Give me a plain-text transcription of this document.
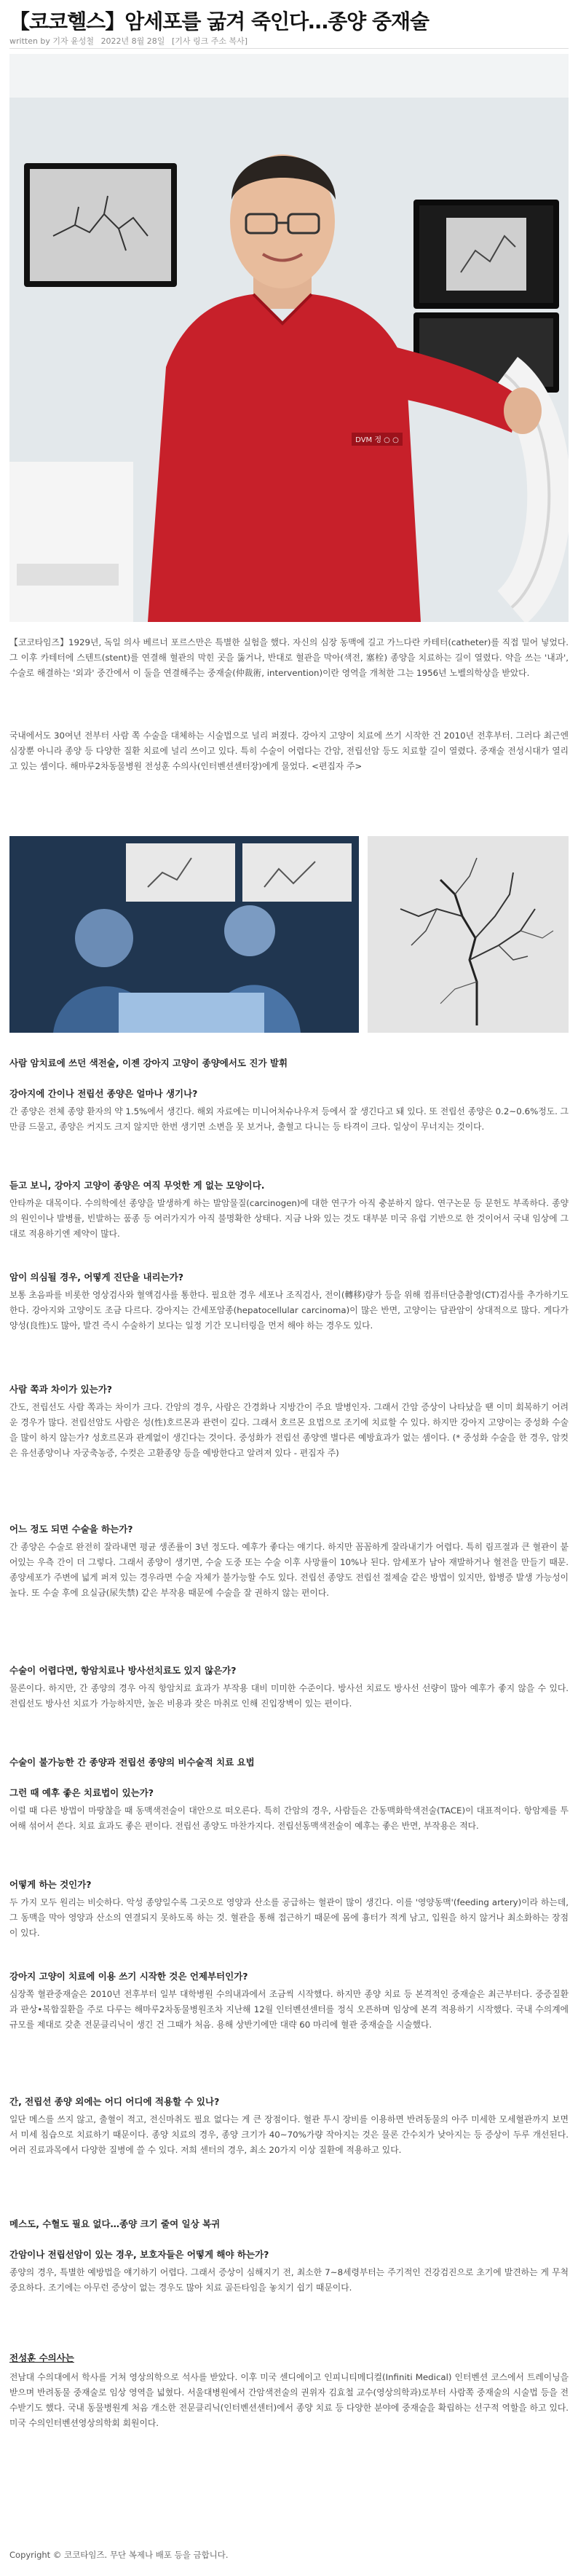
【코코헬스】암세포를 굶겨 죽인다…종양 중재술
written by 기자 윤성철 2022년 8월 28일 [기사 링크 주소 복사]
DVM 정 ○ ○
【코코타임즈】1929년, 독일 의사 베르너 포르스만은 특별한 실험을 했다. 자신의 심장 동맥에 길고 가느다란 카테터(catheter)를 직접 밀어 넣었다. 그 이후 카테터에 스텐트(stent)를 연결해 혈관의 막힌 곳을 뚫거나, 반대로 혈관을 막아(색전, 塞栓) 종양을 치료하는 길이 열렸다. 약을 쓰는 '내과', 수술로 해결하는 '외과' 중간에서 이 둘을 연결해주는 중재술(仲裁術, intervention)이란 영역을 개척한 그는 1956년 노벨의학상을 받았다.
국내에서도 30여년 전부터 사람 쪽 수술을 대체하는 시술법으로 널리 퍼졌다. 강아지 고양이 치료에 쓰기 시작한 건 2010년 전후부터. 그러다 최근엔 심장뿐 아니라 종양 등 다양한 질환 치료에 널리 쓰이고 있다. 특히 수술이 어렵다는 간암, 전립선암 등도 치료할 길이 열렸다. 중재술 전성시대가 열리고 있는 셈이다. 해마루2차동물병원 전성훈 수의사(인터벤션센터장)에게 물었다. <편집자 주>
사람 암치료에 쓰던 색전술, 이젠 강아지 고양이 종양에서도 진가 발휘
강아지에 간이나 전립선 종양은 얼마나 생기나?
간 종양은 전체 종양 환자의 약 1.5%에서 생긴다. 해외 자료에는 미니어처슈나우저 등에서 잘 생긴다고 돼 있다. 또 전립선 종양은 0.2~0.6%정도. 그만큼 드물고, 종양은 커지도 크지 않지만 한번 생기면 소변을 못 보거나, 출혈고 다니는 등 타격이 크다. 일상이 무너지는 것이다.
듣고 보니, 강아지 고양이 종양은 여직 무엇한 게 없는 모양이다.
안타까운 대목이다. 수의학에선 종양을 발생하게 하는 발암물질(carcinogen)에 대한 연구가 아직 충분하지 않다. 연구논문 등 문헌도 부족하다. 종양의 원인이나 발병률, 빈발하는 품종 등 여러가지가 아직 불명확한 상태다. 지금 나와 있는 것도 대부분 미국 유럽 기반으로 한 것이어서 국내 임상에 그대로 적용하기엔 제약이 많다.
암이 의심될 경우, 어떻게 진단을 내리는가?
보통 초음파를 비롯한 영상검사와 혈액검사를 통한다. 필요한 경우 세포나 조직검사, 전이(轉移)량가 등을 위해 컴퓨터단층촬영(CT)검사를 추가하기도 한다. 강아지와 고양이도 조금 다르다. 강아지는 간세포암종(hepatocellular carcinoma)이 많은 반면, 고양이는 담관암이 상대적으로 많다. 게다가 양성(良性)도 많아, 발견 즉시 수술하기 보다는 일정 기간 모니터링을 먼저 해야 하는 경우도 있다.
사람 쪽과 차이가 있는가?
간도, 전립선도 사람 쪽과는 차이가 크다. 간암의 경우, 사람은 간경화나 지방간이 주요 발병인자. 그래서 간암 증상이 나타났을 땐 이미 회복하기 어려운 경우가 많다. 전립선암도 사람은 성(性)호르몬과 관련이 깊다. 그래서 호르몬 요법으로 조기에 치료할 수 있다. 하지만 강아지 고양이는 중성화 수술을 많이 하지 않는가? 성호르몬과 관계없이 생긴다는 것이다. 중성화가 전립선 종양엔 별다른 예방효과가 없는 셈이다. (* 중성화 수술을 한 경우, 암컷은 유선종양이나 자궁축농증, 수컷은 고환종양 등을 예방한다고 알려져 있다 - 편집자 주)
어느 정도 되면 수술을 하는가?
간 종양은 수술로 완전히 잘라내면 평균 생존률이 3년 정도다. 예후가 좋다는 얘기다. 하지만 꼼꼼하게 잘라내기가 어렵다. 특히 림프절과 큰 혈관이 붙어있는 우측 간이 더 그렇다. 그래서 종양이 생기면, 수술 도중 또는 수술 이후 사망률이 10%나 된다. 암세포가 남아 재발하거나 혈전을 만들기 때문. 종양세포가 주변에 넓게 퍼져 있는 경우라면 수술 자체가 불가능할 수도 있다. 전립선 종양도 전립선 절제술 같은 방법이 있지만, 합병증 발생 가능성이 높다. 또 수술 후에 요실금(尿失禁) 같은 부작용 때문에 수술을 잘 권하지 않는 편이다.
수술이 어렵다면, 항암치료나 방사선치료도 있지 않은가?
물론이다. 하지만, 간 종양의 경우 아직 항암치료 효과가 부작용 대비 미미한 수준이다. 방사선 치료도 방사선 선량이 많아 예후가 좋지 않을 수 있다. 전립선도 방사선 치료가 가능하지만, 높은 비용과 잦은 마취로 인해 진입장벽이 있는 편이다.
수술이 불가능한 간 종양과 전립선 종양의 비수술적 치료 요법
그런 때 예후 좋은 치료법이 있는가?
이럴 때 다른 방법이 마땅찮을 때 동맥색전술이 대안으로 떠오른다. 특히 간암의 경우, 사람들은 간동맥화학색전술(TACE)이 대표적이다. 항암제를 투여해 섞어서 쓴다. 치료 효과도 좋은 편이다. 전립선 종양도 마찬가지다. 전립선동맥색전술이 예후는 좋은 반면, 부작용은 적다.
어떻게 하는 것인가?
두 가지 모두 원리는 비슷하다. 악성 종양일수록 그곳으로 영양과 산소를 공급하는 혈관이 많이 생긴다. 이를 '영양동맥'(feeding artery)이라 하는데, 그 동맥을 막아 영양과 산소의 연결되지 못하도록 하는 것. 혈관을 통해 접근하기 때문에 몸에 흉터가 적게 남고, 입원을 하지 않거나 최소화하는 장점이 있다.
강아지 고양이 치료에 이용 쓰기 시작한 것은 언제부터인가?
심장쪽 혈관중재술은 2010년 전후부터 일부 대학병원 수의내과에서 조금씩 시작했다. 하지만 종양 치료 등 본격적인 중재술은 최근부터다. 중증질환과 판상•복합질환을 주로 다루는 해마루2차동물병원조차 지난해 12월 인터벤션센터를 정식 오픈하며 임상에 본격 적용하기 시작했다. 국내 수의계에 규모를 제대로 갖춘 전문클리닉이 생긴 건 그때가 처음. 용해 상반기에만 대략 60 마리에 혈관 중재술을 시술했다.
간, 전립선 종양 외에는 어디 어디에 적용할 수 있나?
일단 메스를 쓰지 않고, 출혈이 적고, 전신마취도 필요 없다는 게 큰 장점이다. 혈관 투시 장비를 이용하면 반려동물의 아주 미세한 모세혈관까지 보면서 미세 침습으로 치료하기 때문이다. 종양 치료의 경우, 종양 크기가 40~70%가량 작아지는 것은 물론 간수치가 낮아지는 등 증상이 두루 개선된다. 여러 진료과목에서 다양한 질병에 쓸 수 있다. 저희 센터의 경우, 최소 20가지 이상 질환에 적용하고 있다.
메스도, 수혈도 필요 없다…종양 크기 줄여 일상 복귀
간암이나 전립선암이 있는 경우, 보호자들은 어떻게 해야 하는가?
종양의 경우, 특별한 예방법을 얘기하기 어렵다. 그래서 증상이 심해지기 전, 최소한 7~8세령부터는 주기적인 건강검진으로 초기에 발견하는 게 무척 중요하다. 조기에는 아무런 증상이 없는 경우도 많아 치료 골든타임을 놓치기 쉽기 때문이다.
전성훈 수의사는
전남대 수의대에서 학사를 거쳐 영상의학으로 석사를 받았다. 이후 미국 센디에이고 인피니티메디컬(Infiniti Medical) 인터벤션 코스에서 트레이닝을 받으며 반려동물 중재술로 임상 영역을 넓혔다. 서울대병원에서 간암색전술의 권위자 김효철 교수(영상의학과)로부터 사람쪽 중재술의 시술법 등을 전수받기도 했다. 국내 동물병원계 처음 개소한 전문클리닉(인터벤션센터)에서 종양 치료 등 다양한 분야에 중재술을 확립하는 선구적 역할을 하고 있다. 미국 수의인터벤션영상의학회 회원이다.
Copyright © 코코타임즈. 무단 복제나 배포 등을 금합니다.
